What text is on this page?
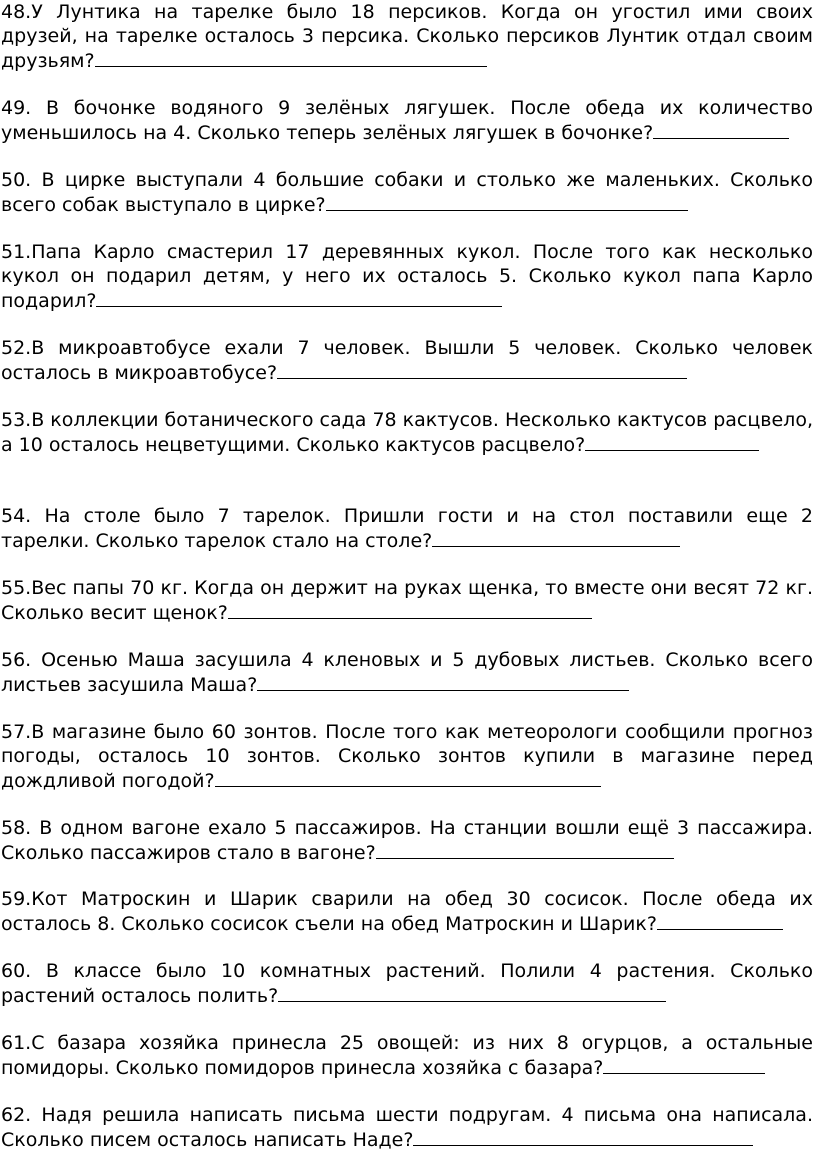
48.У Лунтика на тарелке было 18 персиков. Когда он угостил ими своих друзей, на тарелке осталось 3 персика. Сколько персиков Лунтик отдал своим друзьям?

49. В бочонке водяного 9 зелёных лягушек. После обеда их количество уменьшилось на 4. Сколько теперь зелёных лягушек в бочонке?

50. В цирке выступали 4 большие собаки и столько же маленьких. Сколько всего собак выступало в цирке?

51.Папа Карло смастерил 17 деревянных кукол. После того как несколько кукол он подарил детям, у него их осталось 5. Сколько кукол папа Карло подарил?

52.В микроавтобусе ехали 7 человек. Вышли 5 человек. Сколько человек осталось в микроавтобусе?

53.В коллекции ботанического сада 78 кактусов. Несколько кактусов расцвело, а 10 осталось нецветущими. Сколько кактусов расцвело?

54. На столе было 7 тарелок. Пришли гости и на стол поставили еще 2 тарелки. Сколько тарелок стало на столе?

55.Вес папы 70 кг. Когда он держит на руках щенка, то вместе они весят 72 кг. Сколько весит щенок?

56. Осенью Маша засушила 4 кленовых и 5 дубовых листьев. Сколько всего листьев засушила Маша?

57.В магазине было 60 зонтов. После того как метеорологи сообщили прогноз погоды, осталось 10 зонтов. Сколько зонтов купили в магазине перед дождливой погодой?

58. В одном вагоне ехало 5 пассажиров. На станции вошли ещё 3 пассажира. Сколько пассажиров стало в вагоне?

59.Кот Матроскин и Шарик сварили на обед 30 сосисок. После обеда их осталось 8. Сколько сосисок съели на обед Матроскин и Шарик?

60. В классе было 10 комнатных растений. Полили 4 растения. Сколько растений осталось полить?

61.С базара хозяйка принесла 25 овощей: из них 8 огурцов, а остальные помидоры. Сколько помидоров принесла хозяйка с базара?

62. Надя решила написать письма шести подругам. 4 письма она написала. Сколько писем осталось написать Наде?
